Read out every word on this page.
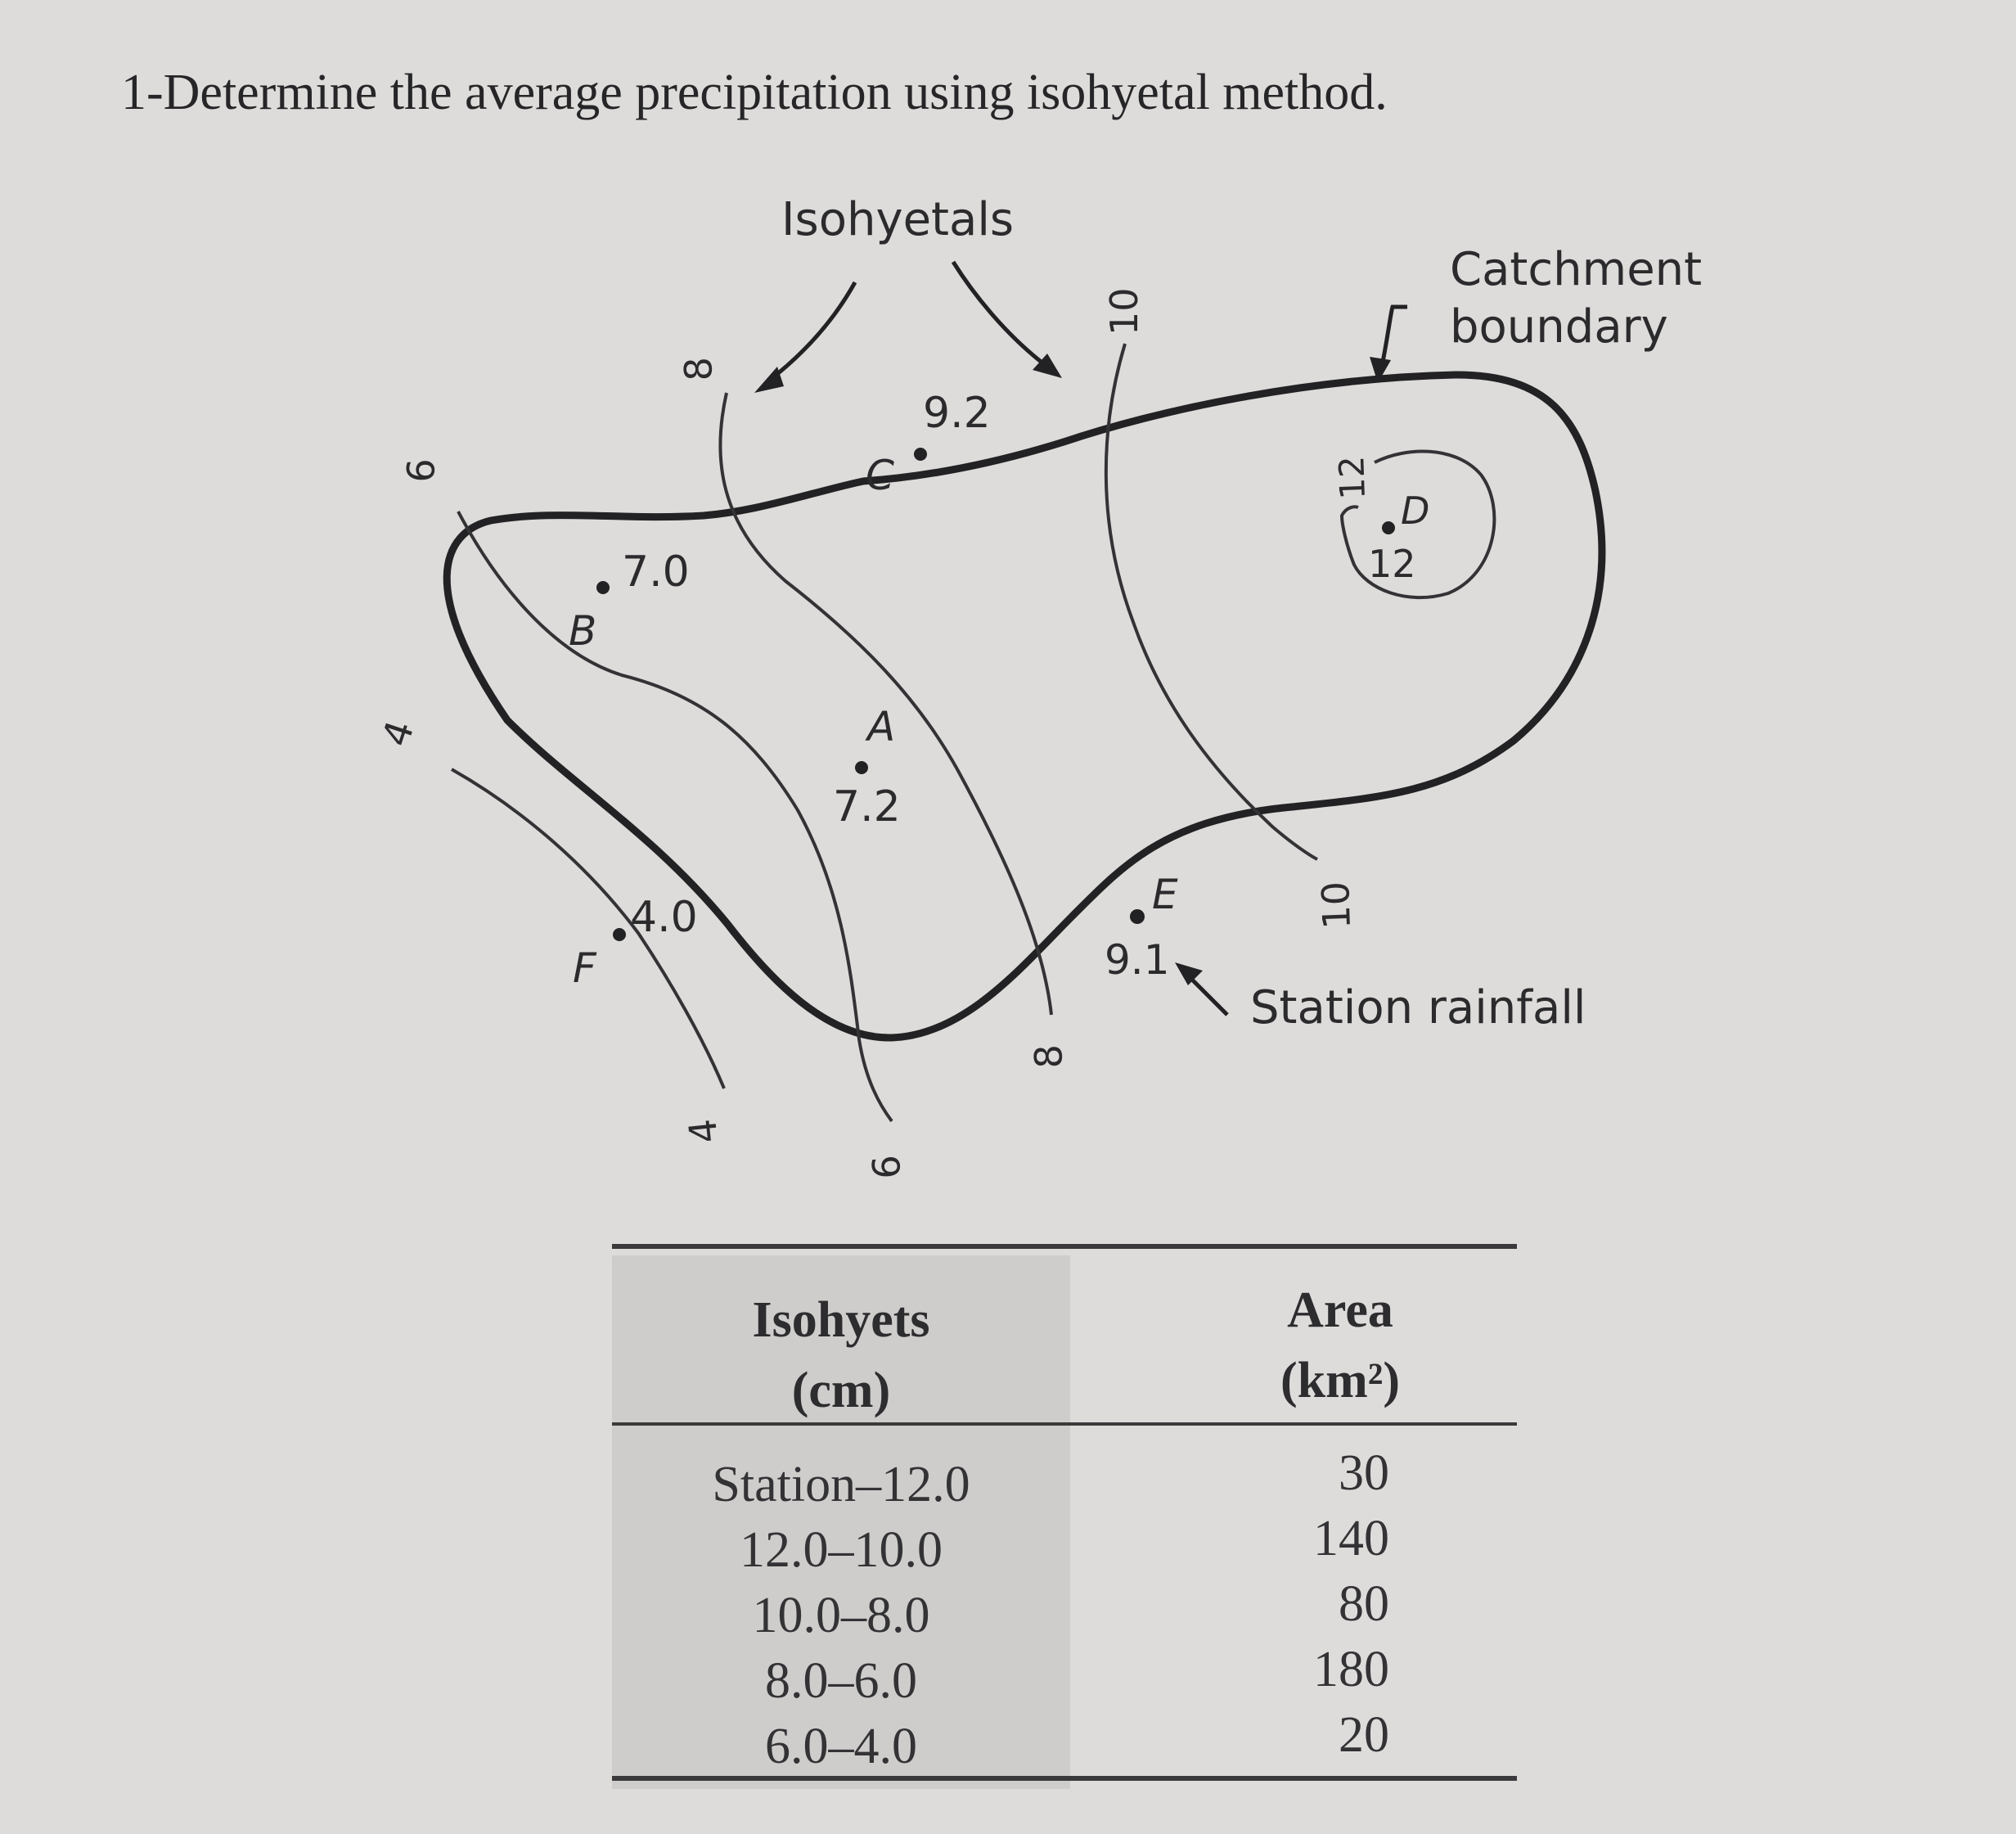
1-Determine the average precipitation using isohyetal method.
Isohyetals
Catchment
boundary
Station rainfall
4
4
6
6
8
8
10
10
12
7.0
B
9.2
C
A
7.2
4.0
F
D
12
E
9.1
Isohyets
(cm)
Area
(km²)
Station–12.0	30
12.0–10.0	140
10.0–8.0	80
8.0–6.0	180
6.0–4.0	20
